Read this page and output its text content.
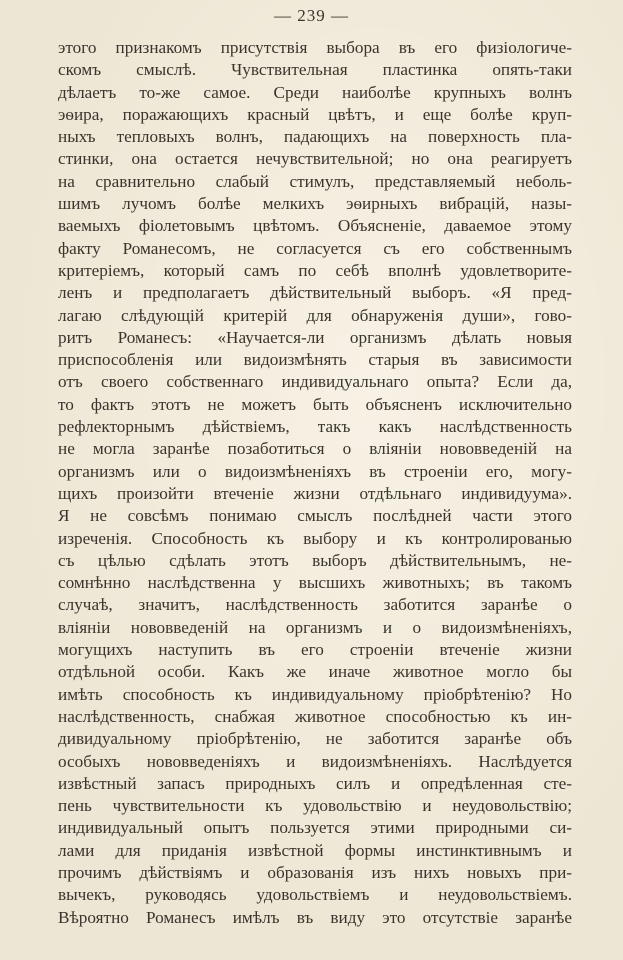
— 239 —
этого признакомъ присутствія выбора въ его физіологиче-
скомъ смыслѣ. Чувствительная пластинка опять-таки
дѣлаетъ то-же самое. Среди наиболѣе крупныхъ волнъ
эѳира, поражающихъ красный цвѣтъ, и еще болѣе круп-
ныхъ тепловыхъ волнъ, падающихъ на поверхность пла-
стинки, она остается нечувствительной; но она реагируетъ
на сравнительно слабый стимулъ, представляемый неболь-
шимъ лучомъ болѣе мелкихъ эѳирныхъ вибрацій, назы-
ваемыхъ фіолетовымъ цвѣтомъ. Объясненіе, даваемое этому
факту Романесомъ, не согласуется съ его собственнымъ
критеріемъ, который самъ по себѣ вполнѣ удовлетворите-
ленъ и предполагаетъ дѣйствительный выборъ. «Я пред-
лагаю слѣдующій критерій для обнаруженія души», гово-
ритъ Романесъ: «Научается-ли организмъ дѣлать новыя
приспособленія или видоизмѣнять старыя въ зависимости
отъ своего собственнаго индивидуальнаго опыта? Если да,
то фактъ этотъ не можетъ быть объясненъ исключительно
рефлекторнымъ дѣйствіемъ, такъ какъ наслѣдственность
не могла заранѣе позаботиться о вліяніи нововведеній на
организмъ или о видоизмѣненіяхъ въ строеніи его, могу-
щихъ произойти втеченіе жизни отдѣльнаго индивидуума».
Я не совсѣмъ понимаю смыслъ послѣдней части этого
изреченія. Способность къ выбору и къ контролированью
съ цѣлью сдѣлать этотъ выборъ дѣйствительнымъ, не-
сомнѣнно наслѣдственна у высшихъ животныхъ; въ такомъ
случаѣ, значитъ, наслѣдственность заботится заранѣе о
вліяніи нововведеній на организмъ и о видоизмѣненіяхъ,
могущихъ наступить въ его строеніи втеченіе жизни
отдѣльной особи. Какъ же иначе животное могло бы
имѣть способность къ индивидуальному пріобрѣтенію? Но
наслѣдственность, снабжая животное способностью къ ин-
дивидуальному пріобрѣтенію, не заботится заранѣе объ
особыхъ нововведеніяхъ и видоизмѣненіяхъ. Наслѣдуется
извѣстный запасъ природныхъ силъ и опредѣленная сте-
пень чувствительности къ удовольствію и неудовольствію;
индивидуальный опытъ пользуется этими природными си-
лами для приданія извѣстной формы инстинктивнымъ и
прочимъ дѣйствіямъ и образованія изъ нихъ новыхъ при-
вычекъ, руководясь удовольствіемъ и неудовольствіемъ.
Вѣроятно Романесъ имѣлъ въ виду это отсутствіе заранѣе
